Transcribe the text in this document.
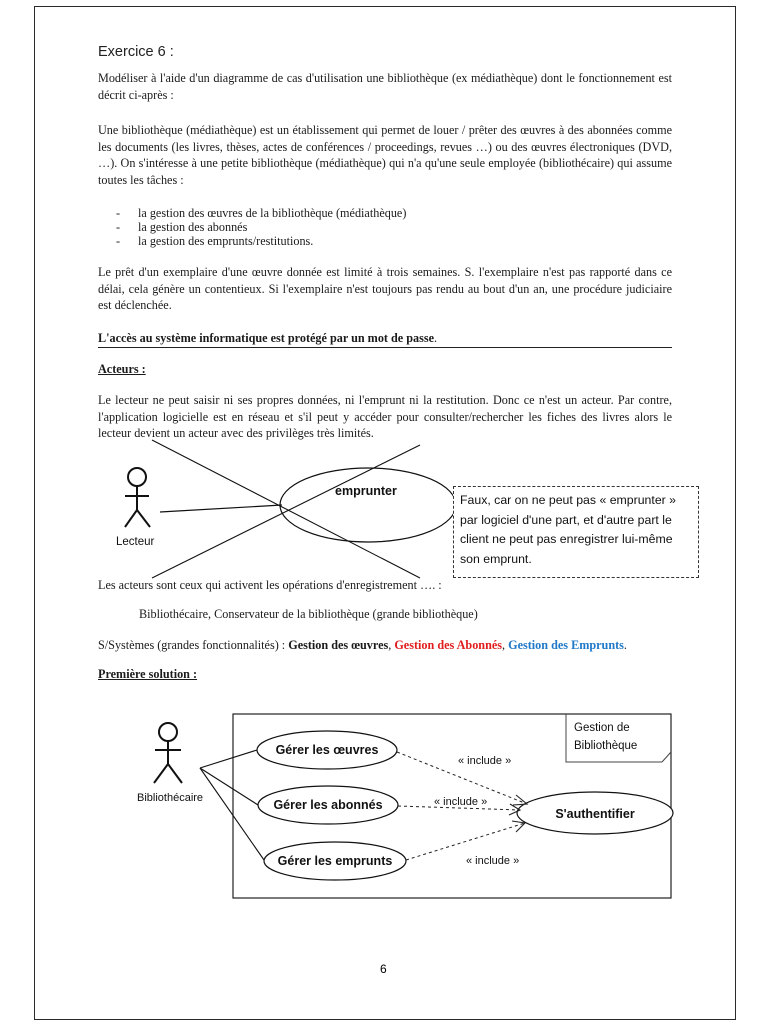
Exercice 6 :
Modéliser à l'aide d'un diagramme de cas d'utilisation une bibliothèque (ex médiathèque) dont le fonctionnement est décrit ci-après :
Une bibliothèque (médiathèque) est un établissement qui permet de louer / prêter des œuvres à des abonnées comme les documents (les livres, thèses, actes de conférences / proceedings, revues …) ou des œuvres électroniques (DVD, …). On s'intéresse à une petite bibliothèque (médiathèque) qui n'a qu'une seule employée (bibliothécaire) qui assume toutes les tâches :
- la gestion des œuvres de la bibliothèque (médiathèque)
- la gestion des abonnés
- la gestion des emprunts/restitutions.
Le prêt d'un exemplaire d'une œuvre donnée est limité à trois semaines. S. l'exemplaire n'est pas rapporté dans ce délai, cela génère un contentieux. Si l'exemplaire n'est toujours pas rendu au bout d'un an, une procédure judiciaire est déclenchée.
L'accès au système informatique est protégé par un mot de passe.
Acteurs :
Le lecteur ne peut saisir ni ses propres données, ni l'emprunt ni la restitution. Donc ce n'est un acteur. Par contre, l'application logicielle est en réseau et s'il peut y accéder pour consulter/rechercher les fiches des livres alors le lecteur devient un acteur avec des privilèges très limités.
Lecteur
emprunter
Gestion de
Bibliothèque
Bibliothécaire
Gérer les œuvres
Gérer les abonnés
Gérer les emprunts
S'authentifier
« include »
« include »
« include »
Faux, car on ne peut pas « emprunter » par logiciel d'une part, et d'autre part le client ne peut pas enregistrer lui-même son emprunt.
Les acteurs sont ceux qui activent les opérations d'enregistrement …. :
Bibliothécaire, Conservateur de la bibliothèque (grande bibliothèque)
S/Systèmes (grandes fonctionnalités) : Gestion des œuvres, Gestion des Abonnés, Gestion des Emprunts.
Première solution :
6
